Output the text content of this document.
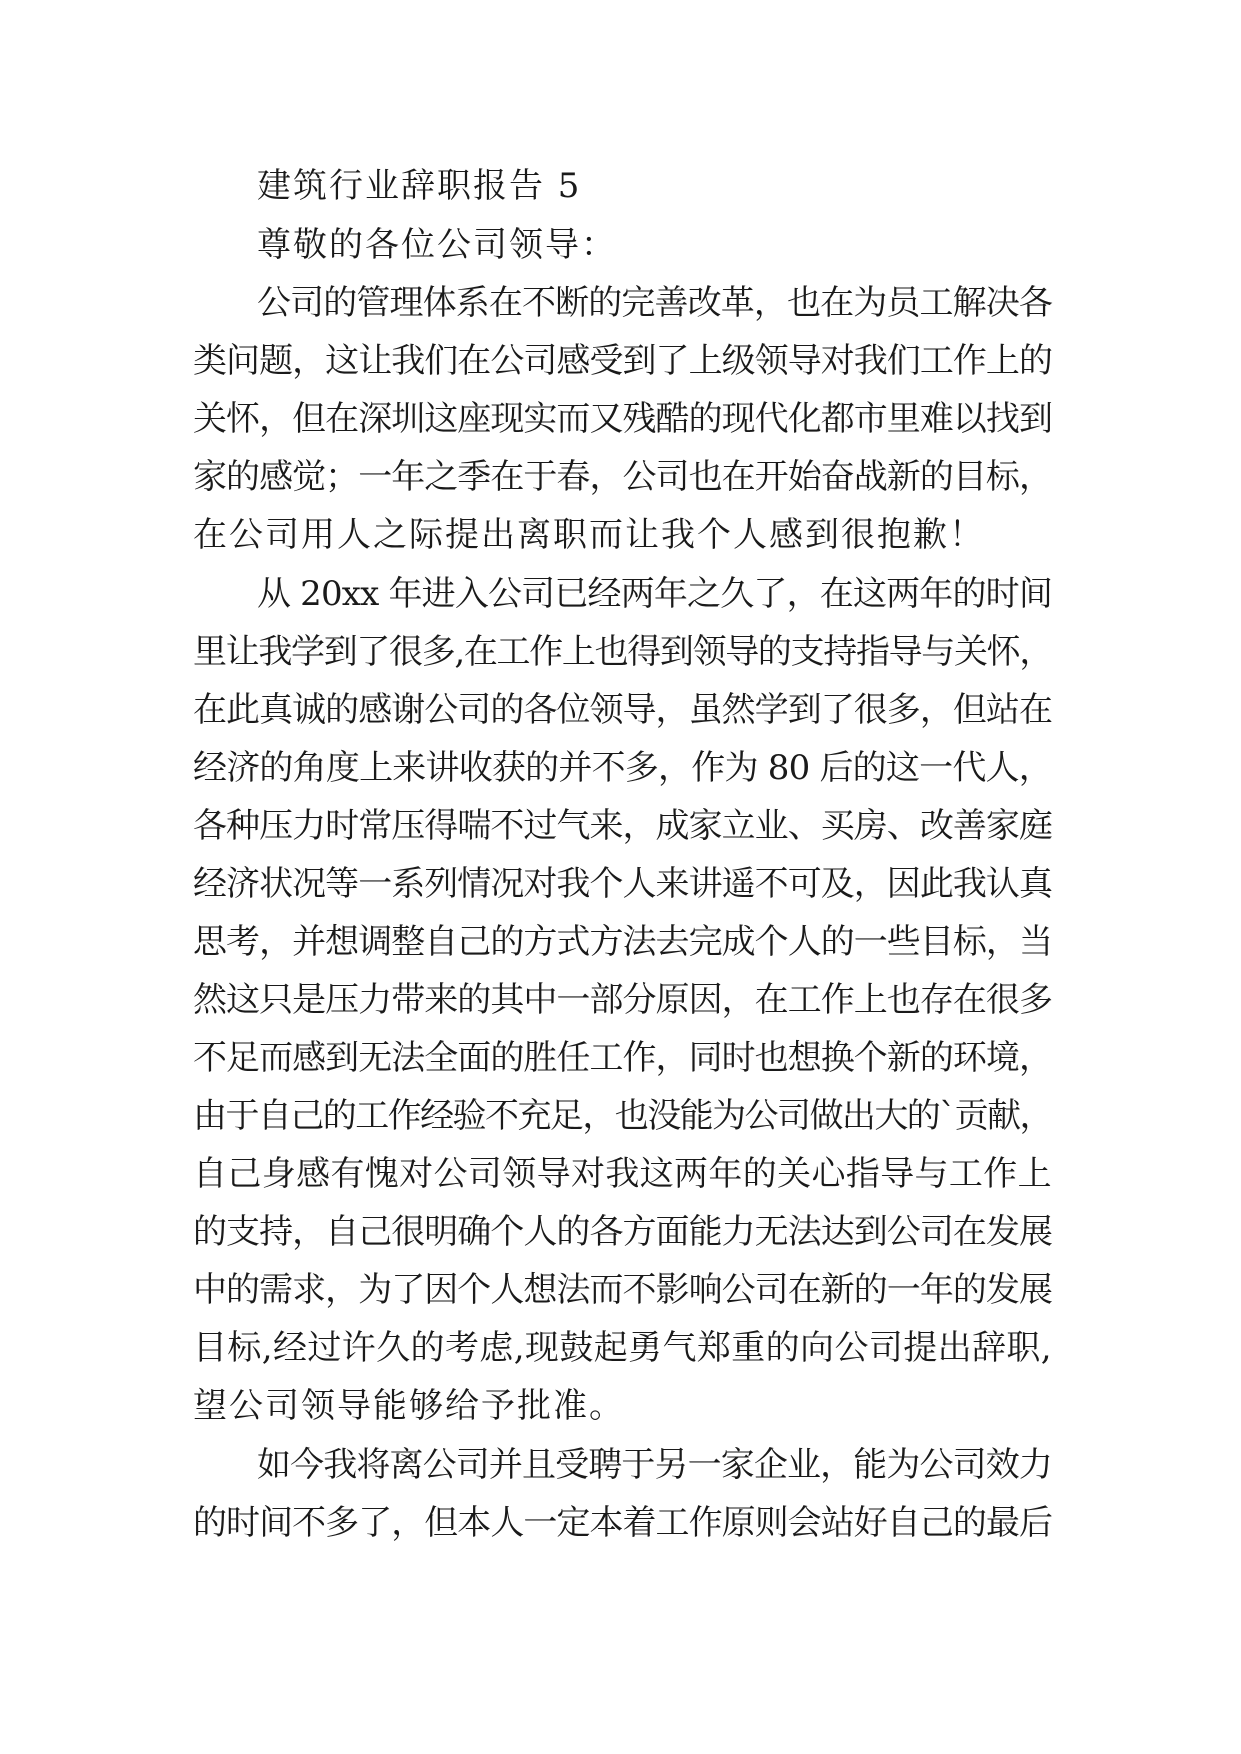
建筑行业辞职报告 5

尊敬的各位公司领导：

公司的管理体系在不断的完善改革，也在为员工解决各

类问题，这让我们在公司感受到了上级领导对我们工作上的

关怀，但在深圳这座现实而又残酷的现代化都市里难以找到

家的感觉；一年之季在于春，公司也在开始奋战新的目标，

在公司用人之际提出离职而让我个人感到很抱歉！

从 20xx 年进入公司已经两年之久了，在这两年的时间

里让我学到了很多,在工作上也得到领导的支持指导与关怀，

在此真诚的感谢公司的各位领导，虽然学到了很多，但站在

经济的角度上来讲收获的并不多，作为 80 后的这一代人，

各种压力时常压得喘不过气来，成家立业、买房、改善家庭

经济状况等一系列情况对我个人来讲遥不可及，因此我认真

思考，并想调整自己的方式方法去完成个人的一些目标，当

然这只是压力带来的其中一部分原因，在工作上也存在很多

不足而感到无法全面的胜任工作，同时也想换个新的环境，

由于自己的工作经验不充足，也没能为公司做出大的`贡献，

自己身感有愧对公司领导对我这两年的关心指导与工作上

的支持，自己很明确个人的各方面能力无法达到公司在发展

中的需求，为了因个人想法而不影响公司在新的一年的发展

目标,经过许久的考虑,现鼓起勇气郑重的向公司提出辞职,

望公司领导能够给予批准。

如今我将离公司并且受聘于另一家企业，能为公司效力

的时间不多了，但本人一定本着工作原则会站好自己的最后
